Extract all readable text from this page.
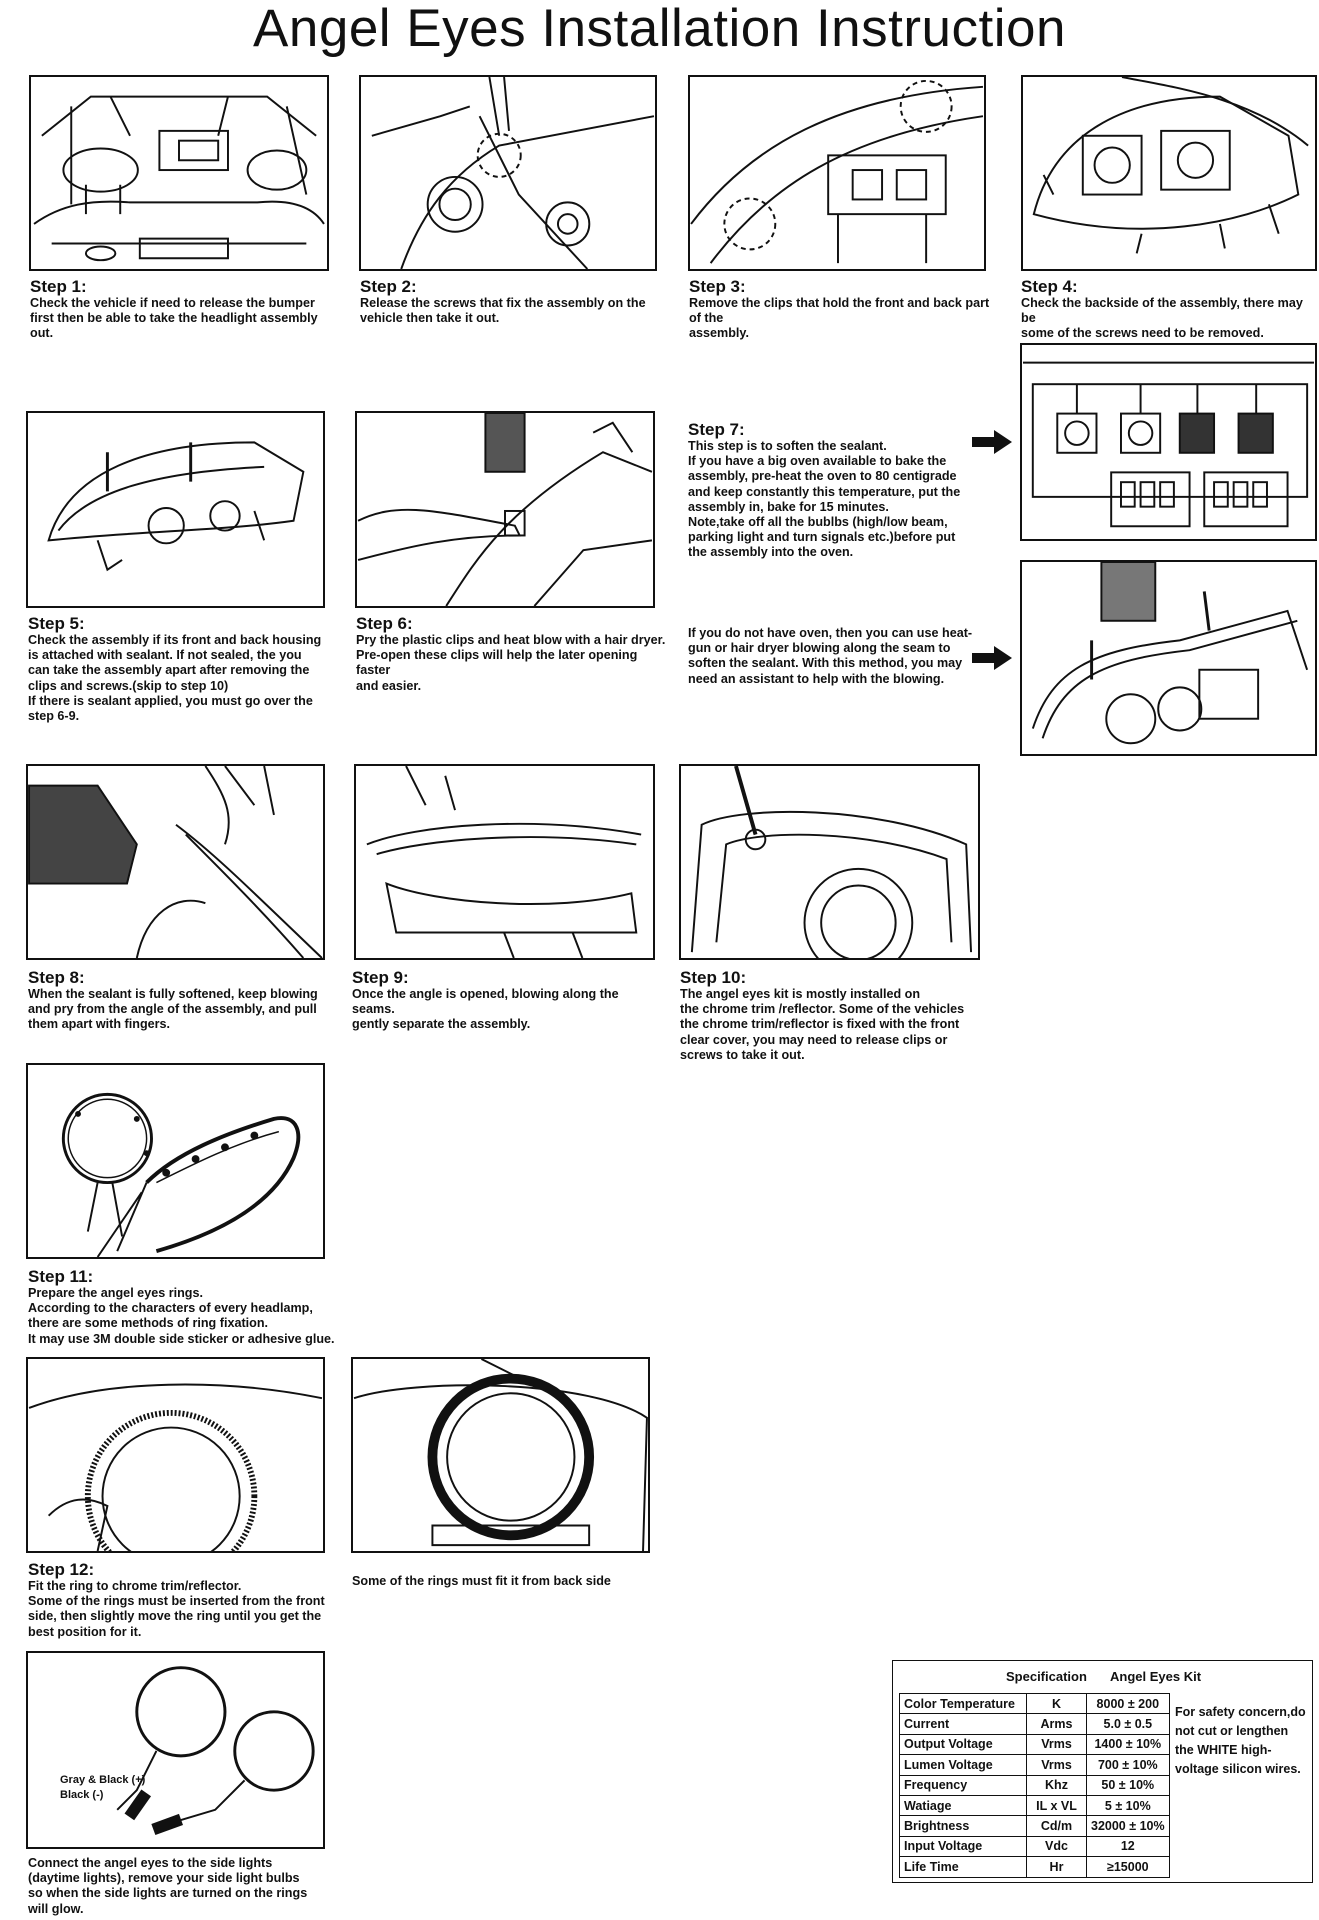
Angel Eyes Installation Instruction
Step 1:
Check the vehicle if need to release the bumper
first then be able to take the headlight assembly
out.
Step 2:
Release the screws that fix the assembly on the
vehicle then take it out.
Step 3:
Remove the clips that hold the front and back part of the
assembly.
Step 4:
Check the backside of the assembly, there may be
some of the screws need to be removed.
Step 5:
Check the assembly if its front and back housing
is attached with sealant. If not sealed, the you
can take the assembly apart after removing the
clips and screws.(skip to step 10)
If there is sealant applied, you must go over the
step 6-9.
Step 6:
Pry the plastic clips and heat blow with a hair dryer.
Pre-open these clips will help the later opening faster
and easier.
Step 7:
This step is to soften the sealant.
If you have a big oven available to bake the
assembly, pre-heat the oven to 80 centigrade
and keep constantly this temperature, put the
assembly in, bake for 15 minutes.
Note,take off all the bublbs (high/low beam,
parking light and turn signals etc.)before put
the assembly into the oven.
If you do not have oven, then you can use heat-
gun or hair dryer blowing along the seam to
soften the sealant. With this method, you may
need an assistant to help with the blowing.
Step 8:
When the sealant is fully softened, keep blowing
and pry from the angle of the assembly, and pull
them apart with fingers.
Step 9:
Once the angle is opened, blowing along the seams.
gently separate the assembly.
Step 10:
The angel eyes kit is mostly installed on
the chrome trim /reflector. Some of the vehicles
the chrome trim/reflector is fixed with the front
clear cover, you may need to release clips or
screws to take it out.
Step 11:
Prepare the angel eyes rings.
According to the characters of every headlamp,
there are some methods of ring fixation.
It may use 3M double side sticker or adhesive glue.
Step 12:
Fit the ring to chrome trim/reflector.
Some of the rings must be inserted from the front
side, then slightly move the ring until you get the
best position for it.
Some of the rings must fit it from back side
Gray & Black (+)
Black (-)
Connect the angel eyes to the side lights
(daytime lights), remove your side light bulbs
so when the side lights are turned on the rings
will glow.
Specification Angel Eyes Kit
Color Temperature	K	8000 ± 200
Current	Arms	5.0 ± 0.5
Output Voltage	Vrms	1400 ± 10%
Lumen Voltage	Vrms	700 ± 10%
Frequency	Khz	50 ± 10%
Watiage	IL x VL	5 ± 10%
Brightness	Cd/m	32000 ± 10%
Input Voltage	Vdc	12
Life Time	Hr	≥15000
For safety concern,do not cut or lengthen the WHITE high-voltage silicon wires.
